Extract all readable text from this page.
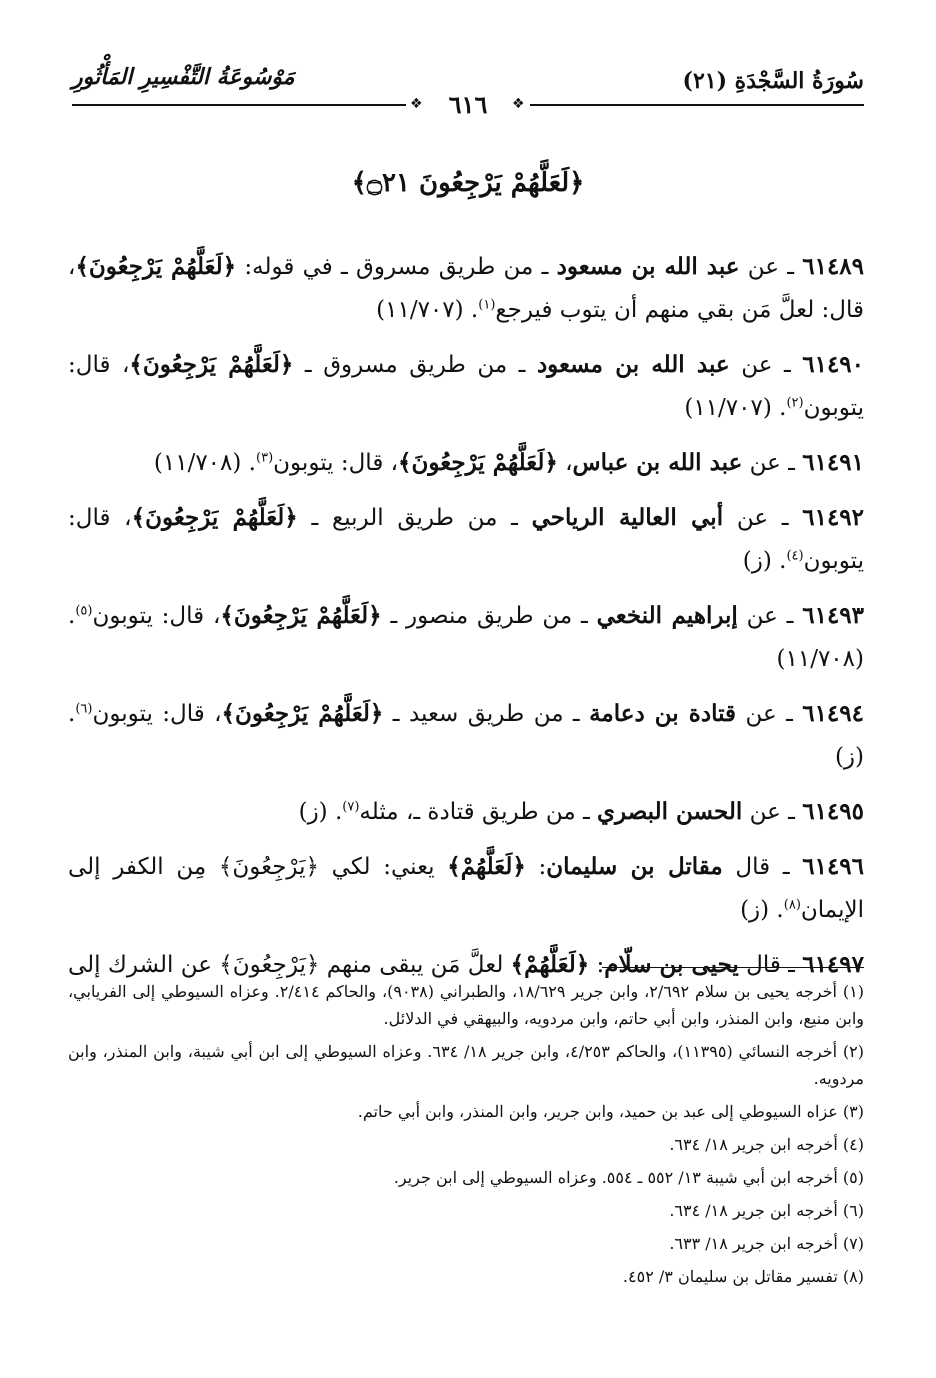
سُورَةُ السَّجْدَةِ (٢١)
مَوْسُوعَةُ التَّفْسِيرِ المَأْثُورِ
❖	❖
٦١٦
﴿لَعَلَّهُمْ يَرْجِعُونَ ۝٢١﴾

٦١٤٨٩ ـ عن عبد الله بن مسعود ـ من طريق مسروق ـ في قوله: ﴿لَعَلَّهُمْ يَرْجِعُونَ﴾، قال: لعلَّ مَن بقي منهم أن يتوب فيرجع$^{(١)}$. (١١/٧٠٧)

٦١٤٩٠ ـ عن عبد الله بن مسعود ـ من طريق مسروق ـ ﴿لَعَلَّهُمْ يَرْجِعُونَ﴾، قال: يتوبون$^{(٢)}$. (١١/٧٠٧)

٦١٤٩١ ـ عن عبد الله بن عباس، ﴿لَعَلَّهُمْ يَرْجِعُونَ﴾، قال: يتوبون$^{(٣)}$. (١١/٧٠٨)

٦١٤٩٢ ـ عن أبي العالية الرياحي ـ من طريق الربيع ـ ﴿لَعَلَّهُمْ يَرْجِعُونَ﴾، قال: يتوبون$^{(٤)}$. (ز)

٦١٤٩٣ ـ عن إبراهيم النخعي ـ من طريق منصور ـ ﴿لَعَلَّهُمْ يَرْجِعُونَ﴾، قال: يتوبون$^{(٥)}$. (١١/٧٠٨)

٦١٤٩٤ ـ عن قتادة بن دعامة ـ من طريق سعيد ـ ﴿لَعَلَّهُمْ يَرْجِعُونَ﴾، قال: يتوبون$^{(٦)}$. (ز)

٦١٤٩٥ ـ عن الحسن البصري ـ من طريق قتادة ـ، مثله$^{(٧)}$. (ز)

٦١٤٩٦ ـ قال مقاتل بن سليمان: ﴿لَعَلَّهُمْ﴾ يعني: لكي ﴿يَرْجِعُونَ﴾ مِن الكفر إلى الإيمان$^{(٨)}$. (ز)

٦١٤٩٧ ـ قال يحيى بن سلّام: ﴿لَعَلَّهُمْ﴾ لعلَّ مَن يبقى منهم ﴿يَرْجِعُونَ﴾ عن الشرك إلى

(١) أخرجه يحيى بن سلام ٢/٦٩٢، وابن جرير ١٨/٦٢٩، والطبراني (٩٠٣٨)، والحاكم ٢/٤١٤. وعزاه السيوطي إلى الفريابي، وابن منيع، وابن المنذر، وابن أبي حاتم، وابن مردويه، والبيهقي في الدلائل.

(٢) أخرجه النسائي (١١٣٩٥)، والحاكم ٤/٢٥٣، وابن جرير ١٨/ ٦٣٤. وعزاه السيوطي إلى ابن أبي شيبة، وابن المنذر، وابن مردويه.

(٣) عزاه السيوطي إلى عبد بن حميد، وابن جرير، وابن المنذر، وابن أبي حاتم.

(٤) أخرجه ابن جرير ١٨/ ٦٣٤.

(٥) أخرجه ابن أبي شيبة ١٣/ ٥٥٢ ـ ٥٥٤. وعزاه السيوطي إلى ابن جرير.

(٦) أخرجه ابن جرير ١٨/ ٦٣٤.

(٧) أخرجه ابن جرير ١٨/ ٦٣٣.

(٨) تفسير مقاتل بن سليمان ٣/ ٤٥٢.
